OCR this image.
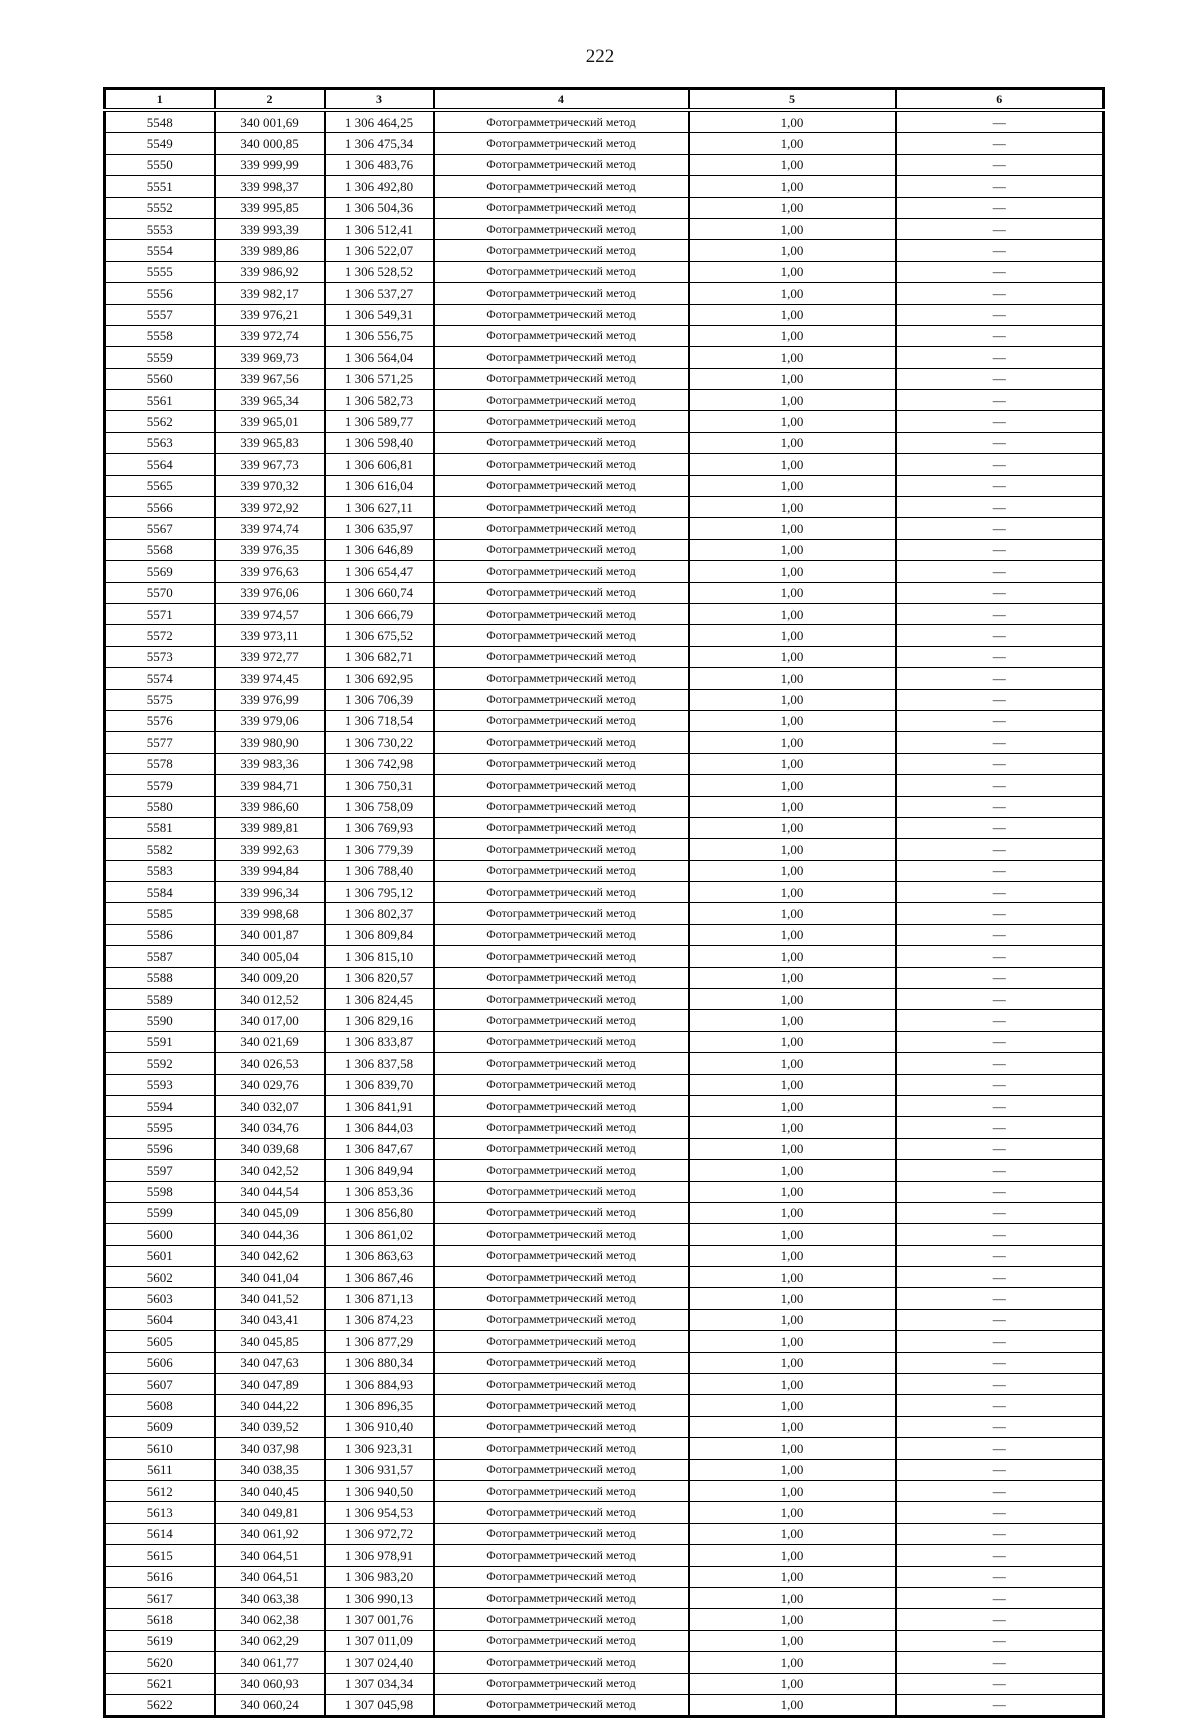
222
1	2	3	4	5	6
5548	340 001,69	1 306 464,25	Фотограмметрический метод	1,00	—
5549	340 000,85	1 306 475,34	Фотограмметрический метод	1,00	—
5550	339 999,99	1 306 483,76	Фотограмметрический метод	1,00	—
5551	339 998,37	1 306 492,80	Фотограмметрический метод	1,00	—
5552	339 995,85	1 306 504,36	Фотограмметрический метод	1,00	—
5553	339 993,39	1 306 512,41	Фотограмметрический метод	1,00	—
5554	339 989,86	1 306 522,07	Фотограмметрический метод	1,00	—
5555	339 986,92	1 306 528,52	Фотограмметрический метод	1,00	—
5556	339 982,17	1 306 537,27	Фотограмметрический метод	1,00	—
5557	339 976,21	1 306 549,31	Фотограмметрический метод	1,00	—
5558	339 972,74	1 306 556,75	Фотограмметрический метод	1,00	—
5559	339 969,73	1 306 564,04	Фотограмметрический метод	1,00	—
5560	339 967,56	1 306 571,25	Фотограмметрический метод	1,00	—
5561	339 965,34	1 306 582,73	Фотограмметрический метод	1,00	—
5562	339 965,01	1 306 589,77	Фотограмметрический метод	1,00	—
5563	339 965,83	1 306 598,40	Фотограмметрический метод	1,00	—
5564	339 967,73	1 306 606,81	Фотограмметрический метод	1,00	—
5565	339 970,32	1 306 616,04	Фотограмметрический метод	1,00	—
5566	339 972,92	1 306 627,11	Фотограмметрический метод	1,00	—
5567	339 974,74	1 306 635,97	Фотограмметрический метод	1,00	—
5568	339 976,35	1 306 646,89	Фотограмметрический метод	1,00	—
5569	339 976,63	1 306 654,47	Фотограмметрический метод	1,00	—
5570	339 976,06	1 306 660,74	Фотограмметрический метод	1,00	—
5571	339 974,57	1 306 666,79	Фотограмметрический метод	1,00	—
5572	339 973,11	1 306 675,52	Фотограмметрический метод	1,00	—
5573	339 972,77	1 306 682,71	Фотограмметрический метод	1,00	—
5574	339 974,45	1 306 692,95	Фотограмметрический метод	1,00	—
5575	339 976,99	1 306 706,39	Фотограмметрический метод	1,00	—
5576	339 979,06	1 306 718,54	Фотограмметрический метод	1,00	—
5577	339 980,90	1 306 730,22	Фотограмметрический метод	1,00	—
5578	339 983,36	1 306 742,98	Фотограмметрический метод	1,00	—
5579	339 984,71	1 306 750,31	Фотограмметрический метод	1,00	—
5580	339 986,60	1 306 758,09	Фотограмметрический метод	1,00	—
5581	339 989,81	1 306 769,93	Фотограмметрический метод	1,00	—
5582	339 992,63	1 306 779,39	Фотограмметрический метод	1,00	—
5583	339 994,84	1 306 788,40	Фотограмметрический метод	1,00	—
5584	339 996,34	1 306 795,12	Фотограмметрический метод	1,00	—
5585	339 998,68	1 306 802,37	Фотограмметрический метод	1,00	—
5586	340 001,87	1 306 809,84	Фотограмметрический метод	1,00	—
5587	340 005,04	1 306 815,10	Фотограмметрический метод	1,00	—
5588	340 009,20	1 306 820,57	Фотограмметрический метод	1,00	—
5589	340 012,52	1 306 824,45	Фотограмметрический метод	1,00	—
5590	340 017,00	1 306 829,16	Фотограмметрический метод	1,00	—
5591	340 021,69	1 306 833,87	Фотограмметрический метод	1,00	—
5592	340 026,53	1 306 837,58	Фотограмметрический метод	1,00	—
5593	340 029,76	1 306 839,70	Фотограмметрический метод	1,00	—
5594	340 032,07	1 306 841,91	Фотограмметрический метод	1,00	—
5595	340 034,76	1 306 844,03	Фотограмметрический метод	1,00	—
5596	340 039,68	1 306 847,67	Фотограмметрический метод	1,00	—
5597	340 042,52	1 306 849,94	Фотограмметрический метод	1,00	—
5598	340 044,54	1 306 853,36	Фотограмметрический метод	1,00	—
5599	340 045,09	1 306 856,80	Фотограмметрический метод	1,00	—
5600	340 044,36	1 306 861,02	Фотограмметрический метод	1,00	—
5601	340 042,62	1 306 863,63	Фотограмметрический метод	1,00	—
5602	340 041,04	1 306 867,46	Фотограмметрический метод	1,00	—
5603	340 041,52	1 306 871,13	Фотограмметрический метод	1,00	—
5604	340 043,41	1 306 874,23	Фотограмметрический метод	1,00	—
5605	340 045,85	1 306 877,29	Фотограмметрический метод	1,00	—
5606	340 047,63	1 306 880,34	Фотограмметрический метод	1,00	—
5607	340 047,89	1 306 884,93	Фотограмметрический метод	1,00	—
5608	340 044,22	1 306 896,35	Фотограмметрический метод	1,00	—
5609	340 039,52	1 306 910,40	Фотограмметрический метод	1,00	—
5610	340 037,98	1 306 923,31	Фотограмметрический метод	1,00	—
5611	340 038,35	1 306 931,57	Фотограмметрический метод	1,00	—
5612	340 040,45	1 306 940,50	Фотограмметрический метод	1,00	—
5613	340 049,81	1 306 954,53	Фотограмметрический метод	1,00	—
5614	340 061,92	1 306 972,72	Фотограмметрический метод	1,00	—
5615	340 064,51	1 306 978,91	Фотограмметрический метод	1,00	—
5616	340 064,51	1 306 983,20	Фотограмметрический метод	1,00	—
5617	340 063,38	1 306 990,13	Фотограмметрический метод	1,00	—
5618	340 062,38	1 307 001,76	Фотограмметрический метод	1,00	—
5619	340 062,29	1 307 011,09	Фотограмметрический метод	1,00	—
5620	340 061,77	1 307 024,40	Фотограмметрический метод	1,00	—
5621	340 060,93	1 307 034,34	Фотограмметрический метод	1,00	—
5622	340 060,24	1 307 045,98	Фотограмметрический метод	1,00	—
